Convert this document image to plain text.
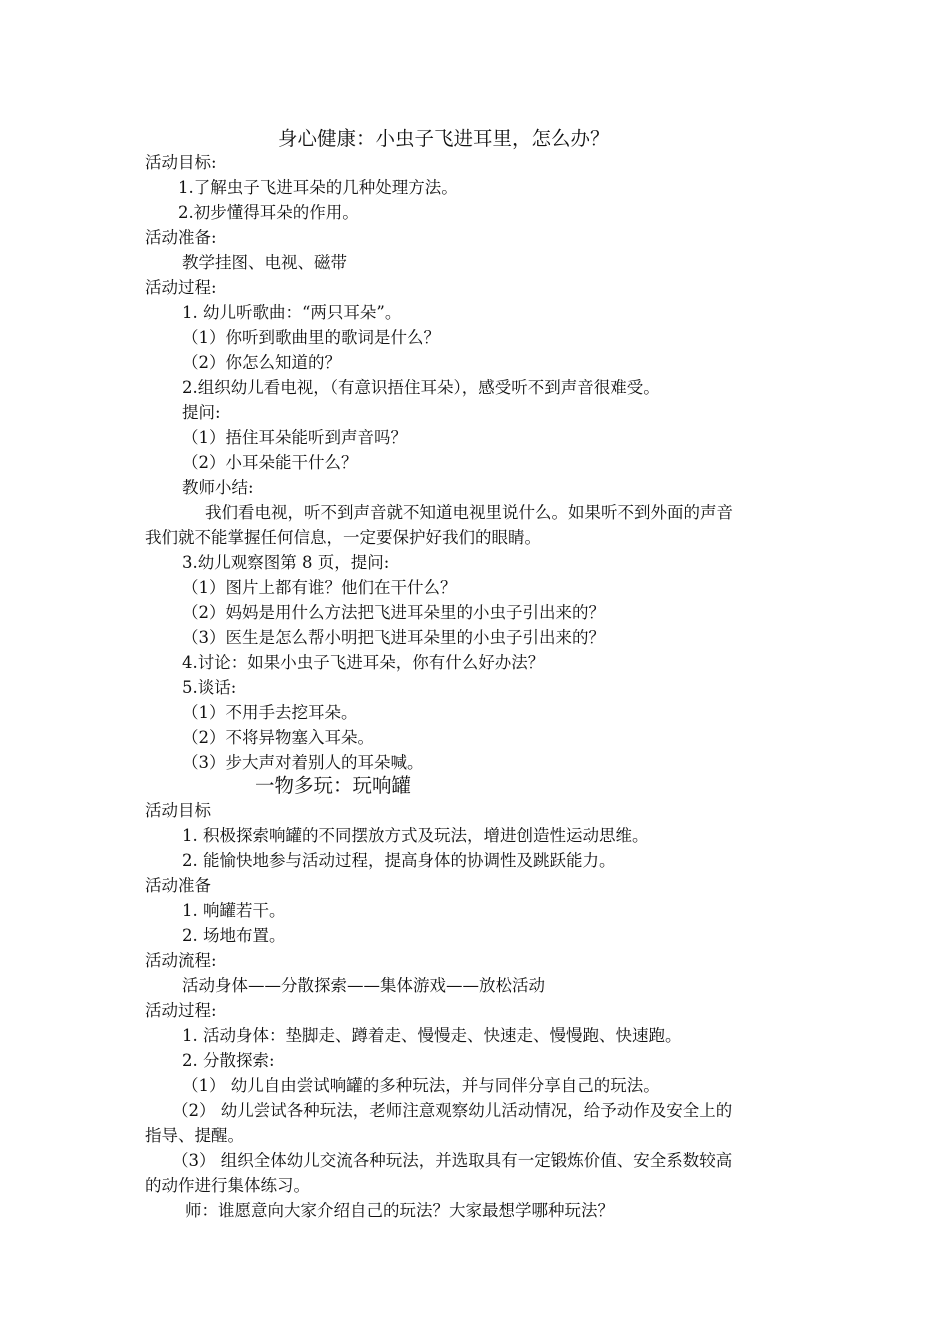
身心健康：小虫子飞进耳里，怎么办？
活动目标:
1.了解虫子飞进耳朵的几种处理方法。
2.初步懂得耳朵的作用。
活动准备:
教学挂图、电视、磁带
活动过程:
1. 幼儿听歌曲：“两只耳朵”。
（1）你听到歌曲里的歌词是什么？
（2）你怎么知道的？
2.组织幼儿看电视，（有意识捂住耳朵），感受听不到声音很难受。
提问:
（1）捂住耳朵能听到声音吗？
（2）小耳朵能干什么？
教师小结:
我们看电视，听不到声音就不知道电视里说什么。如果听不到外面的声音
我们就不能掌握任何信息，一定要保护好我们的眼睛。
3.幼儿观察图第 8 页，提问:
（1）图片上都有谁？他们在干什么？
（2）妈妈是用什么方法把飞进耳朵里的小虫子引出来的？
（3）医生是怎么帮小明把飞进耳朵里的小虫子引出来的？
4.讨论：如果小虫子飞进耳朵，你有什么好办法？
5.谈话:
（1）不用手去挖耳朵。
（2）不将异物塞入耳朵。
（3）步大声对着别人的耳朵喊。
一物多玩：玩响罐
活动目标
1. 积极探索响罐的不同摆放方式及玩法，增进创造性运动思维。
2. 能愉快地参与活动过程，提高身体的协调性及跳跃能力。
活动准备
1. 响罐若干。
2. 场地布置。
活动流程:
活动身体——分散探索——集体游戏——放松活动
活动过程:
1. 活动身体：垫脚走、蹲着走、慢慢走、快速走、慢慢跑、快速跑。
2. 分散探索:
（1） 幼儿自由尝试响罐的多种玩法，并与同伴分享自己的玩法。
（2） 幼儿尝试各种玩法，老师注意观察幼儿活动情况，给予动作及安全上的
指导、提醒。
（3） 组织全体幼儿交流各种玩法，并选取具有一定锻炼价值、安全系数较高
的动作进行集体练习。
师：谁愿意向大家介绍自己的玩法？大家最想学哪种玩法？
